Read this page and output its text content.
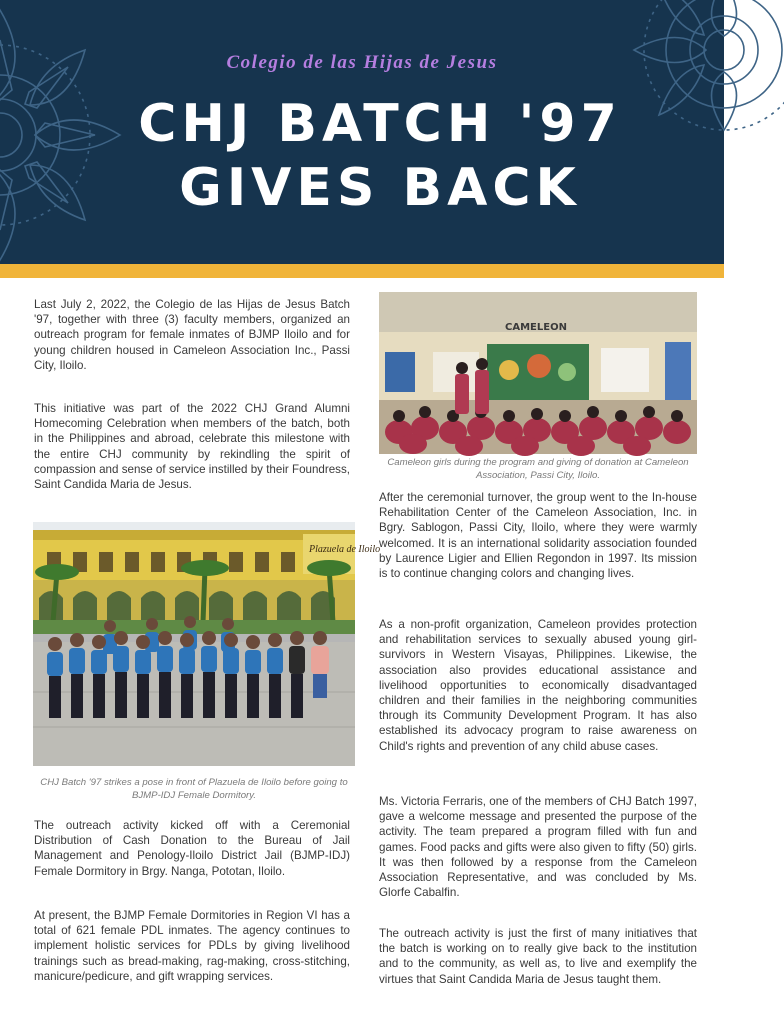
Colegio de las Hijas de Jesus
CHJ BATCH '97
GIVES BACK

Last July 2, 2022, the Colegio de las Hijas de Jesus Batch '97, together with three (3) faculty members, organized an outreach program for female inmates of BJMP Iloilo and for young children housed in Cameleon Association Inc., Passi City, Iloilo.

This initiative was part of the 2022 CHJ Grand Alumni Homecoming Celebration when members of the batch, both in the Philippines and abroad, celebrate this milestone with the entire CHJ community by rekindling the spirit of compassion and sense of service instilled by their Foundress, Saint Candida Maria de Jesus.

Plazuela de Iloilo
CHJ Batch '97 strikes a pose in front of Plazuela de Iloilo before going to BJMP-IDJ Female Dormitory.

The outreach activity kicked off with a Ceremonial Distribution of Cash Donation to the Bureau of Jail Management and Penology-Iloilo District Jail (BJMP-IDJ) Female Dormitory in Brgy. Nanga, Pototan, Iloilo.

At present, the BJMP Female Dormitories in Region VI has a total of 621 female PDL inmates. The agency continues to implement holistic services for PDLs by giving livelihood trainings such as bread-making, rag-making, cross-stitching, manicure/pedicure, and gift wrapping services.

CAMELEON
Cameleon girls during the program and giving of donation at Cameleon Association, Passi City, Iloilo.

After the ceremonial turnover, the group went to the In-house Rehabilitation Center of the Cameleon Association, Inc. in Bgry. Sablogon, Passi City, Iloilo, where they were warmly welcomed. It is an international solidarity association founded by Laurence Ligier and Ellien Regondon in 1997. Its mission is to continue changing colors and changing lives.

As a non-profit organization, Cameleon provides protection and rehabilitation services to sexually abused young girl-survivors in Western Visayas, Philippines. Likewise, the association also provides educational assistance and livelihood opportunities to economically disadvantaged children and their families in the neighboring communities through its Community Development Program. It has also established its advocacy program to raise awareness on Child's rights and prevention of any child abuse cases.

Ms. Victoria Ferraris, one of the members of CHJ Batch 1997, gave a welcome message and presented the purpose of the activity. The team prepared a program filled with fun and games. Food packs and gifts were also given to fifty (50) girls. It was then followed by a response from the Cameleon Association Representative, and was concluded by Ms. Glorfe Cabalfin.

The outreach activity is just the first of many initiatives that the batch is working on to really give back to the institution and to the community, as well as, to live and exemplify the virtues that Saint Candida Maria de Jesus taught them.
